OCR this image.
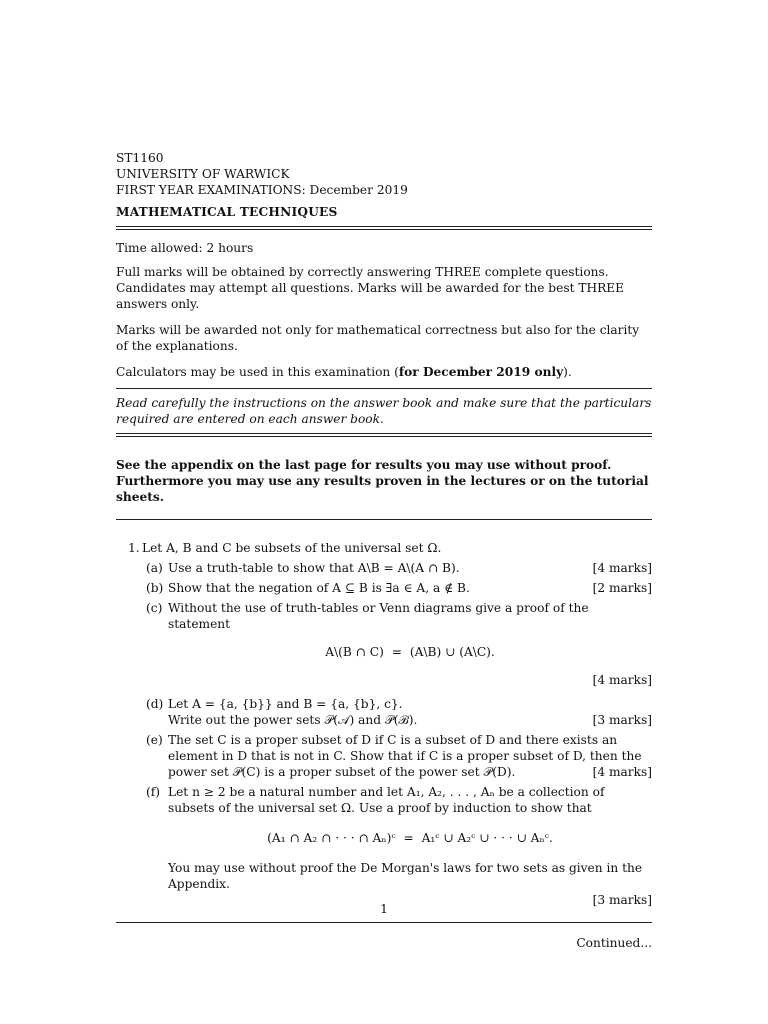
ST1160

UNIVERSITY OF WARWICK

FIRST YEAR EXAMINATIONS: December 2019

MATHEMATICAL TECHNIQUES

Time allowed: 2 hours

Full marks will be obtained by correctly answering THREE complete questions. Candidates may attempt all questions. Marks will be awarded for the best THREE answers only.

Marks will be awarded not only for mathematical correctness but also for the clarity of the explanations.

Calculators may be used in this examination (for December 2019 only).

Read carefully the instructions on the answer book and make sure that the particulars required are entered on each answer book.

See the appendix on the last page for results you may use without proof. Furthermore you may use any results proven in the lectures or on the tutorial sheets.

1. Let A, B and C be subsets of the universal set Ω.

(a)	[4 marks]
Use a truth-table to show that A\B = A\(A ∩ B).
(b)	[2 marks]
Show that the negation of A ⊆ B is ∃a ∈ A, a ∉ B.
(c) Without the use of truth-tables or Venn diagrams give a proof of the statement
A\(B ∩ C) = (A\B) ∪ (A\C).
[4 marks]
(d) Let A = {a, {b}} and B = {a, {b}, c}.
[3 marks]
Write out the power sets 𝒫(𝒜) and 𝒫(ℬ).
(e) The set C is a proper subset of D if C is a subset of D and there exists an element in D that is not in C. Show that if C is a proper subset of D, then the power set 𝒫(C) is a proper subset of the power set 𝒫(D).	[4 marks]
(f) Let n ≥ 2 be a natural number and let A₁, A₂, . . . , Aₙ be a collection of subsets of the universal set Ω. Use a proof by induction to show that
(A₁ ∩ A₂ ∩ · · · ∩ Aₙ)ᶜ = A₁ᶜ ∪ A₂ᶜ ∪ · · · ∪ Aₙᶜ.
You may use without proof the De Morgan's laws for two sets as given in the Appendix.
[3 marks]
Continued...
1
